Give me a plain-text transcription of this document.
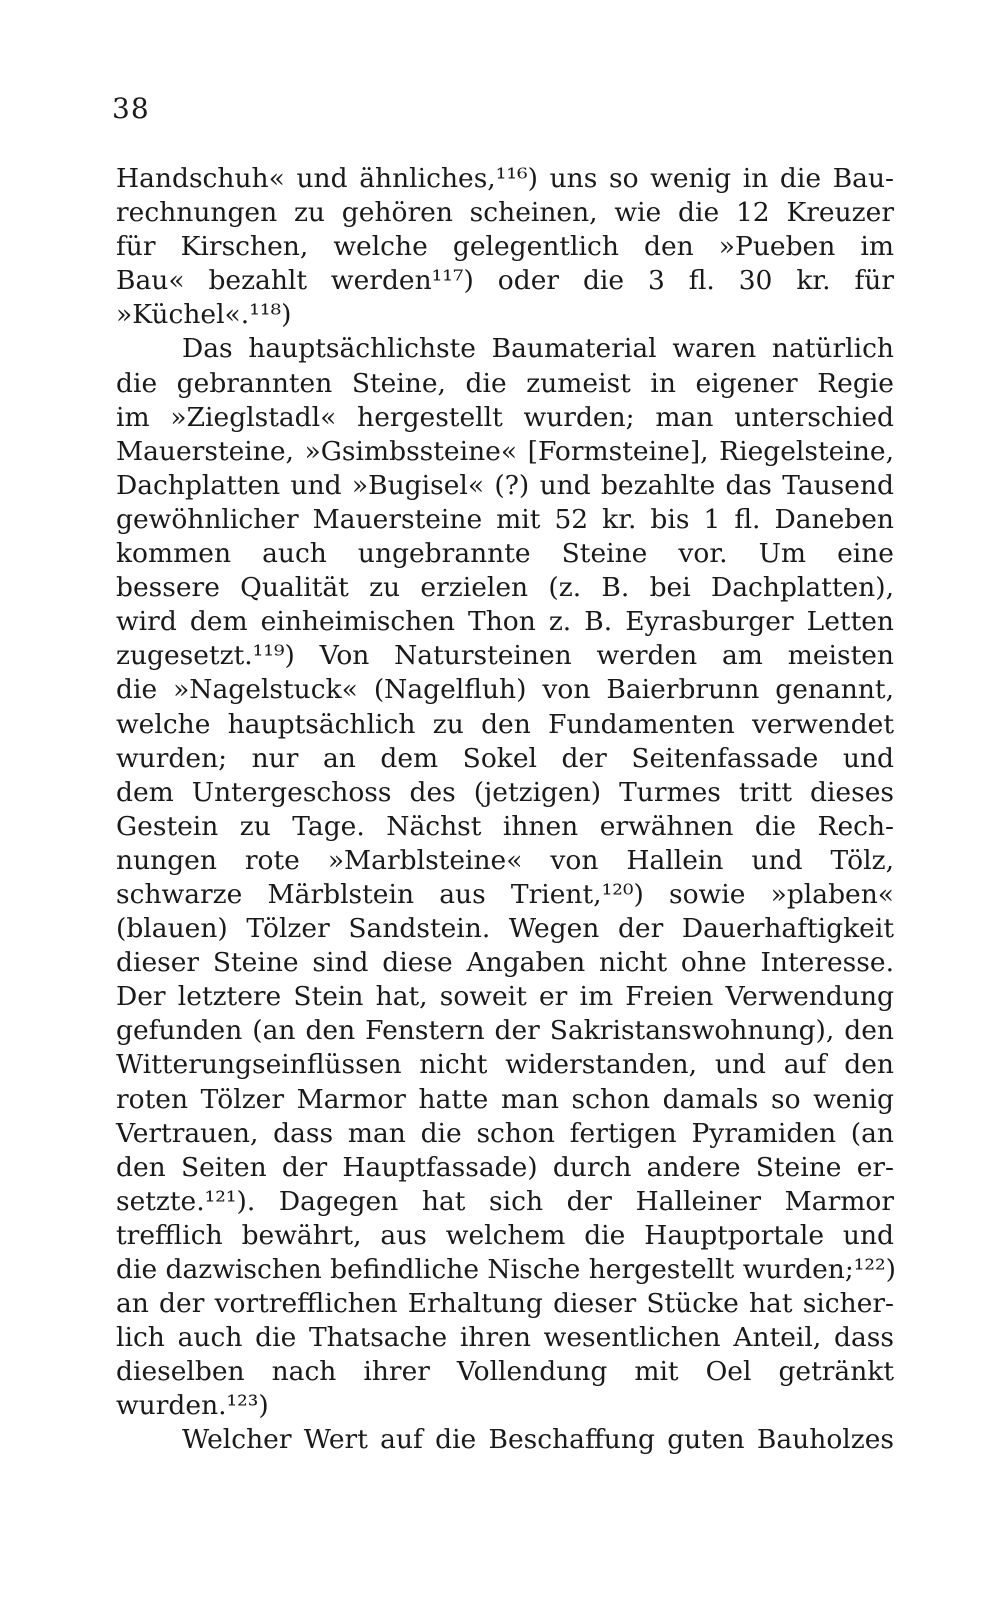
38
Handschuh« und ähnliches,¹¹⁶) uns so wenig in die Bau-
rechnungen zu gehören scheinen, wie die 12 Kreuzer
für Kirschen, welche gelegentlich den »Pueben im
Bau« bezahlt werden¹¹⁷) oder die 3 fl. 30 kr. für
»Küchel«.¹¹⁸)
Das hauptsächlichste Baumaterial waren natürlich
die gebrannten Steine, die zumeist in eigener Regie
im »Zieglstadl« hergestellt wurden; man unterschied
Mauersteine, »Gsimbssteine« [Formsteine], Riegelsteine,
Dachplatten und »Bugisel« (?) und bezahlte das Tausend
gewöhnlicher Mauersteine mit 52 kr. bis 1 fl. Daneben
kommen auch ungebrannte Steine vor. Um eine
bessere Qualität zu erzielen (z. B. bei Dachplatten),
wird dem einheimischen Thon z. B. Eyrasburger Letten
zugesetzt.¹¹⁹) Von Natursteinen werden am meisten
die »Nagelstuck« (Nagelfluh) von Baierbrunn genannt,
welche hauptsächlich zu den Fundamenten verwendet
wurden; nur an dem Sokel der Seitenfassade und
dem Untergeschoss des (jetzigen) Turmes tritt dieses
Gestein zu Tage. Nächst ihnen erwähnen die Rech-
nungen rote »Marblsteine« von Hallein und Tölz,
schwarze Märblstein aus Trient,¹²⁰) sowie »plaben«
(blauen) Tölzer Sandstein. Wegen der Dauerhaftigkeit
dieser Steine sind diese Angaben nicht ohne Interesse.
Der letztere Stein hat, soweit er im Freien Verwendung
gefunden (an den Fenstern der Sakristanswohnung), den
Witterungseinflüssen nicht widerstanden, und auf den
roten Tölzer Marmor hatte man schon damals so wenig
Vertrauen, dass man die schon fertigen Pyramiden (an
den Seiten der Hauptfassade) durch andere Steine er-
setzte.¹²¹). Dagegen hat sich der Halleiner Marmor
trefflich bewährt, aus welchem die Hauptportale und
die dazwischen befindliche Nische hergestellt wurden;¹²²)
an der vortrefflichen Erhaltung dieser Stücke hat sicher-
lich auch die Thatsache ihren wesentlichen Anteil, dass
dieselben nach ihrer Vollendung mit Oel getränkt
wurden.¹²³)
Welcher Wert auf die Beschaffung guten Bauholzes
